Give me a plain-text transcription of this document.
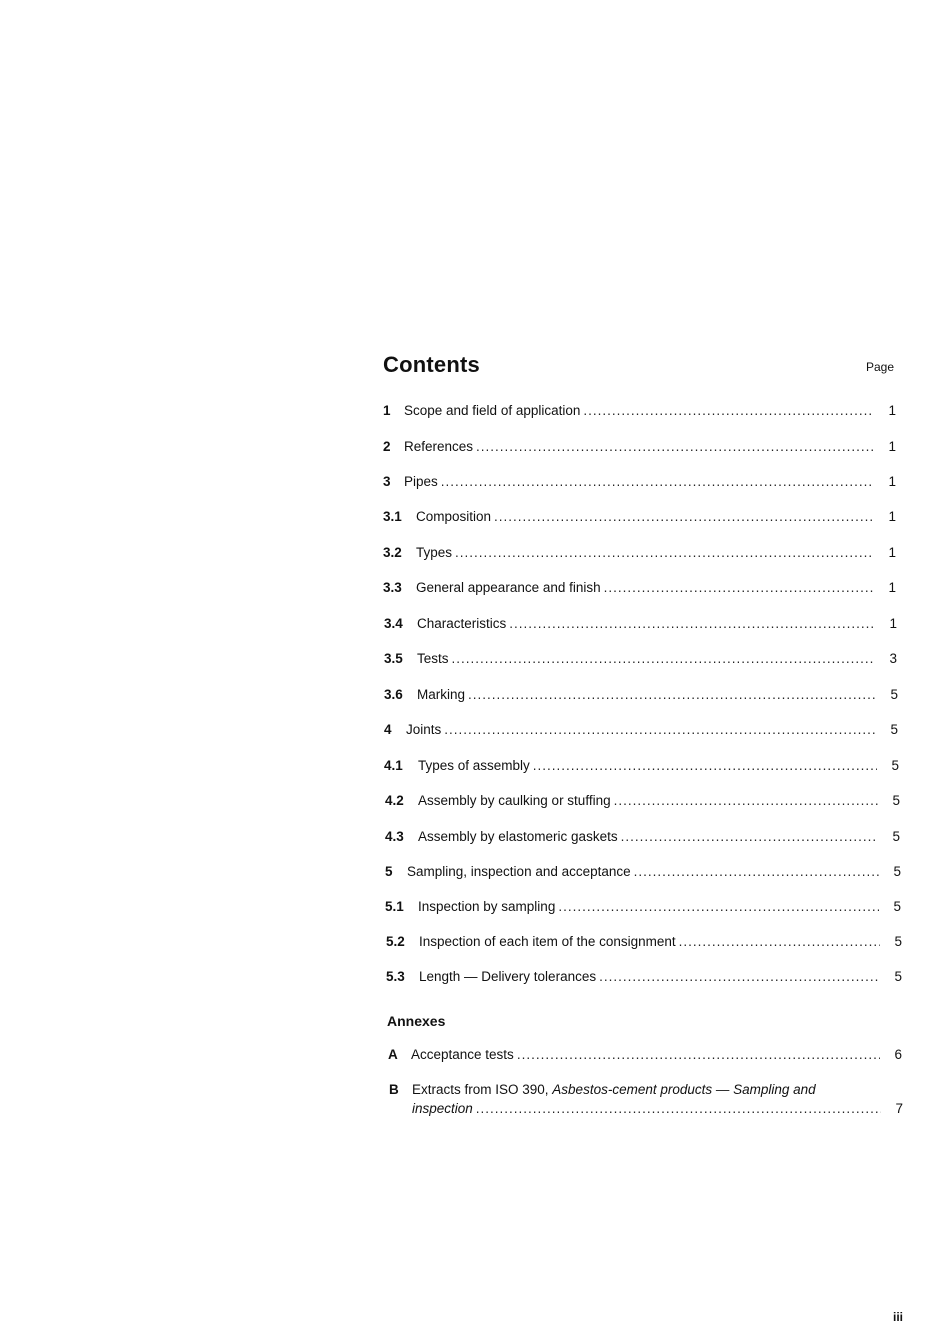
Contents	Page
1 Scope and field of application .....	1
2 References .....	1
3 Pipes .....	1
3.1	Composition .....	1
3.2	Types .....	1
3.3	General appearance and finish .....	1
3.4	Characteristics .....	1
3.5	Tests .....	3
3.6	Marking .....	5
4	Joints .....	5
4.1	Types of assembly .....	5
4.2	Assembly by caulking or stuffing .....	5
4.3	Assembly by elastomeric gaskets .....	5
5	Sampling, inspection and acceptance .....	5
5.1	Inspection by sampling .....	5
5.2	Inspection of each item of the consignment .....	5
5.3	Length — Delivery tolerances .....	5
Annexes
A Acceptance tests .....	6
B Extracts from ISO 390, Asbestos-cement products — Sampling and
inspection .....	7
iii
